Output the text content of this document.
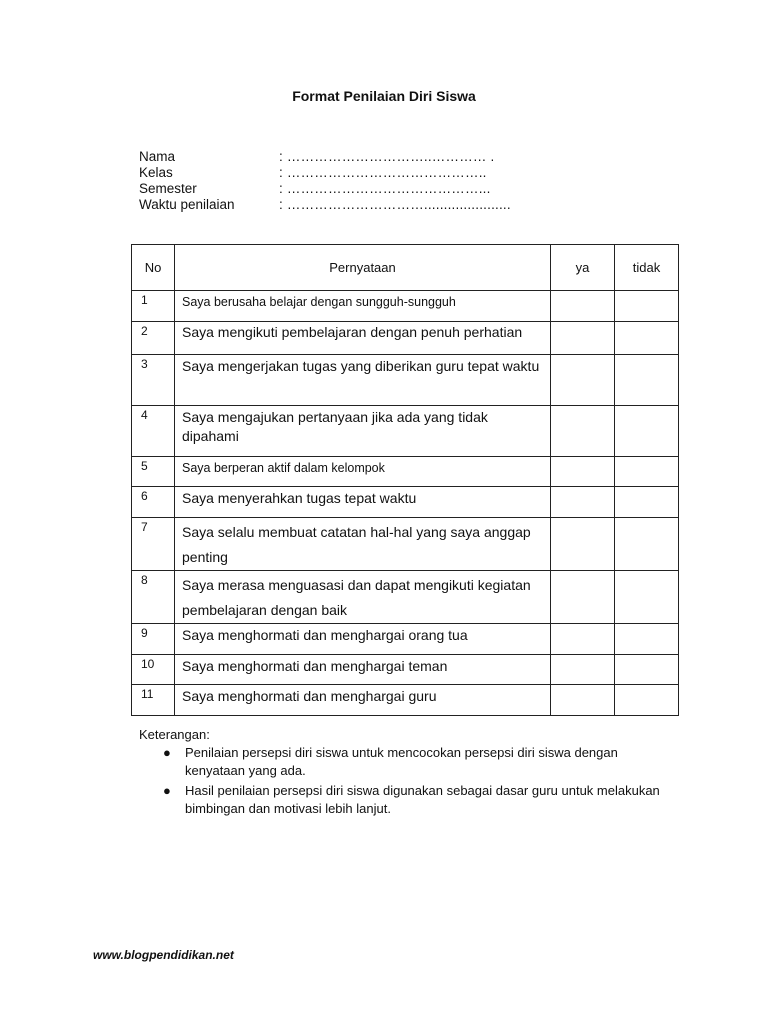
Format Penilaian Diri Siswa
Nama	: …………………………..………… .
Kelas	: ……………………………………..
Semester	: ……………………………………...
Waktu penilaian	: …………………………......................
No	Pernyataan	ya	tidak
1	Saya berusaha belajar dengan sungguh-sungguh		
2	Saya mengikuti pembelajaran dengan penuh perhatian		
3	Saya mengerjakan tugas yang diberikan guru tepat waktu		
4	Saya mengajukan pertanyaan jika ada yang tidak dipahami		
5	Saya berperan aktif dalam kelompok		
6	Saya menyerahkan tugas tepat waktu		
7	Saya selalu membuat catatan hal-hal yang saya anggap penting		
8	Saya merasa menguasasi dan dapat mengikuti kegiatan pembelajaran dengan baik		
9	Saya menghormati dan menghargai orang tua		
10	Saya menghormati dan menghargai teman		
11	Saya menghormati dan menghargai guru		
Keterangan:
● Penilaian persepsi diri siswa untuk mencocokan persepsi diri siswa dengan kenyataan yang ada.
● Hasil penilaian persepsi diri siswa digunakan sebagai dasar guru untuk melakukan bimbingan dan motivasi lebih lanjut.
www.blogpendidikan.net
